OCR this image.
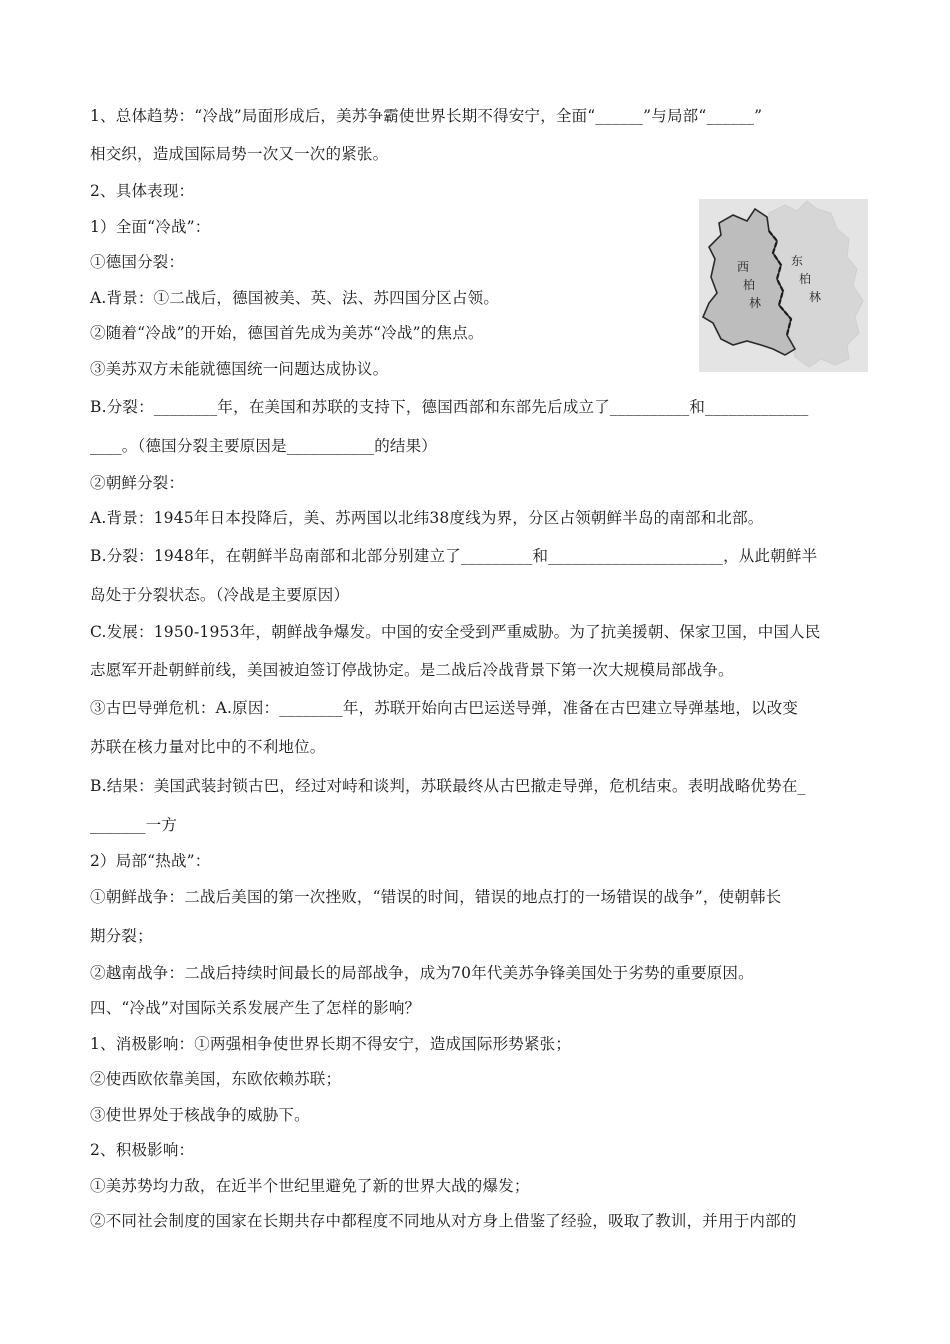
1、总体趋势：“冷战”局面形成后，美苏争霸使世界长期不得安宁，全面“______”与局部“______”
相交织，造成国际局势一次又一次的紧张。
2、具体表现：
1）全面“冷战”：
①德国分裂：
A.背景：①二战后，德国被美、英、法、苏四国分区占领。
②随着“冷战”的开始，德国首先成为美苏“冷战”的焦点。
③美苏双方未能就德国统一问题达成协议。
B.分裂：________年，在美国和苏联的支持下，德国西部和东部先后成立了__________和_____________
____。（德国分裂主要原因是___________的结果）
②朝鲜分裂：
A.背景：1945年日本投降后，美、苏两国以北纬38度线为界，分区占领朝鲜半岛的南部和北部。
B.分裂：1948年，在朝鲜半岛南部和北部分别建立了_________和______________________，从此朝鲜半
岛处于分裂状态。（冷战是主要原因）
C.发展：1950-1953年，朝鲜战争爆发。中国的安全受到严重威胁。为了抗美援朝、保家卫国，中国人民
志愿军开赴朝鲜前线，美国被迫签订停战协定。是二战后冷战背景下第一次大规模局部战争。
③古巴导弹危机：A.原因：________年，苏联开始向古巴运送导弹，准备在古巴建立导弹基地，以改变
苏联在核力量对比中的不利地位。
B.结果：美国武装封锁古巴，经过对峙和谈判，苏联最终从古巴撤走导弹，危机结束。表明战略优势在_
_______一方
2）局部“热战”：
①朝鲜战争：二战后美国的第一次挫败，“错误的时间，错误的地点打的一场错误的战争”，使朝韩长
期分裂；
②越南战争：二战后持续时间最长的局部战争，成为70年代美苏争锋美国处于劣势的重要原因。
四、“冷战”对国际关系发展产生了怎样的影响？
1、消极影响：①两强相争使世界长期不得安宁，造成国际形势紧张；
②使西欧依靠美国，东欧依赖苏联；
③使世界处于核战争的威胁下。
2、积极影响：
①美苏势均力敌，在近半个世纪里避免了新的世界大战的爆发；
②不同社会制度的国家在长期共存中都程度不同地从对方身上借鉴了经验，吸取了教训，并用于内部的
西
柏
林
东
柏
林
